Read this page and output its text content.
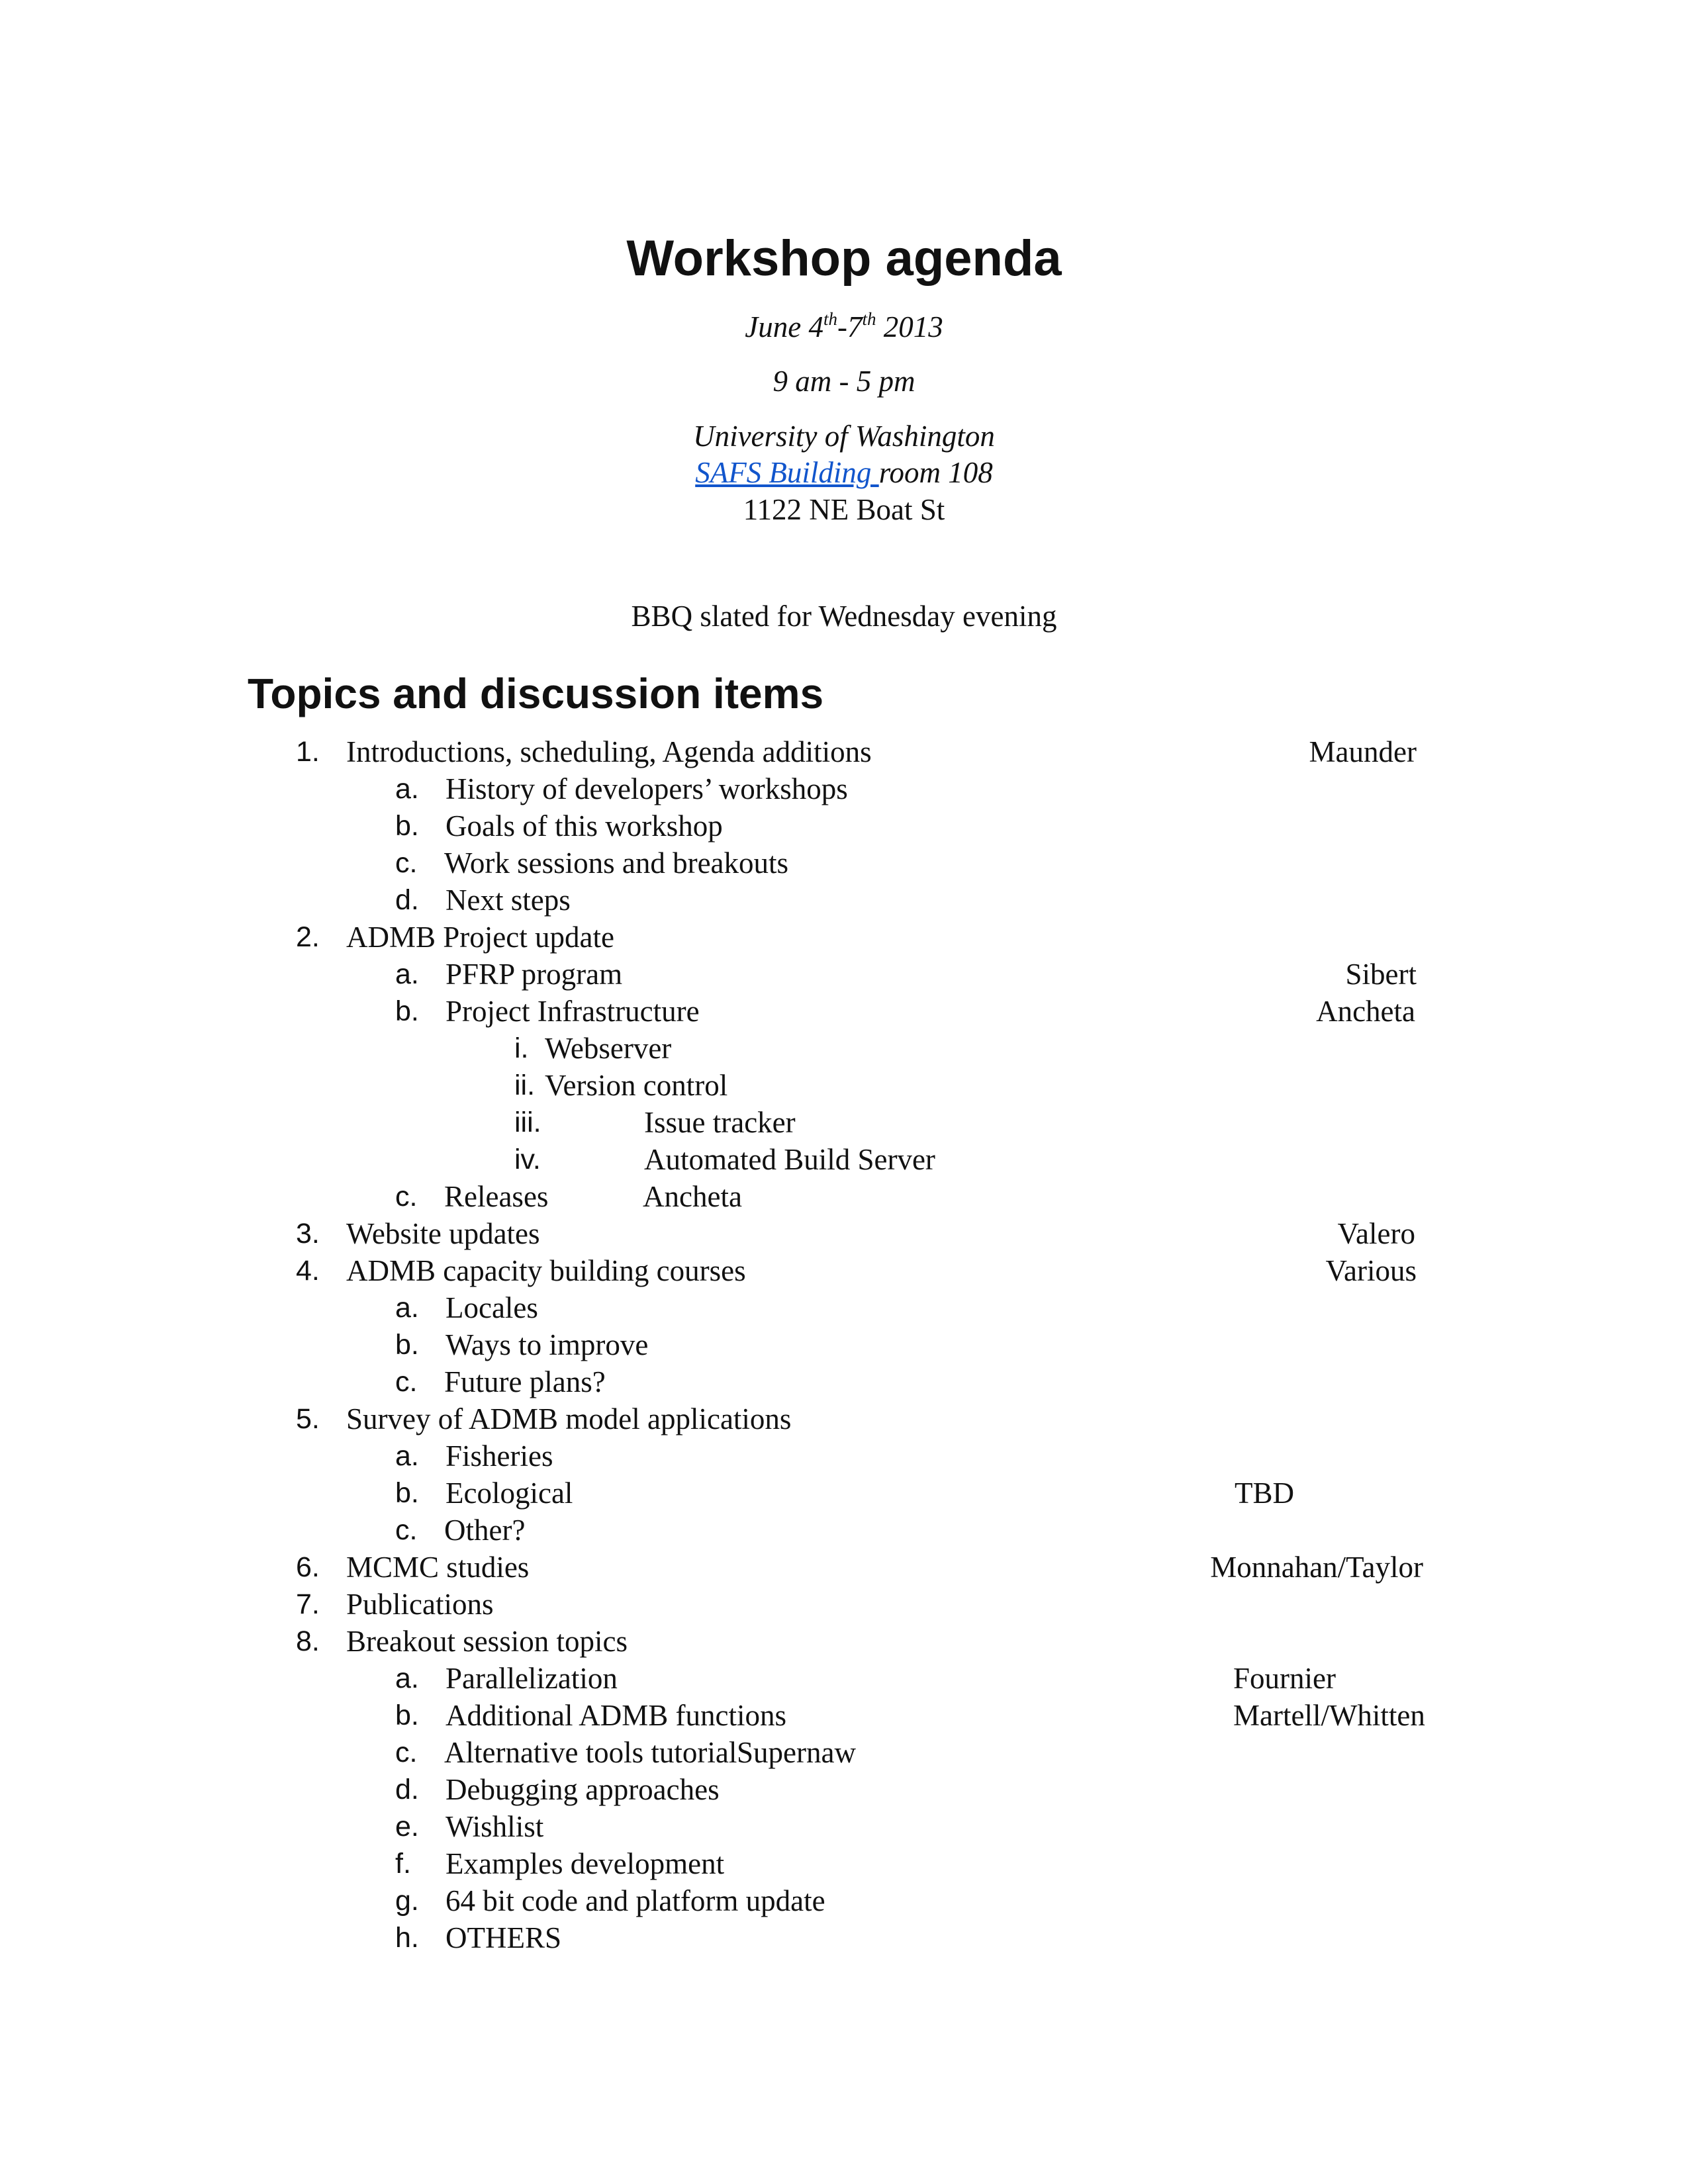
Workshop agenda
June 4th-7th 2013
9 am - 5 pm
University of Washington
SAFS Building room 108
1122 NE Boat St
BBQ slated for Wednesday evening
Topics and discussion items
1. Introductions, scheduling, Agenda additions	Maunder
a. History of developers’ workshops
b. Goals of this workshop
c. Work sessions and breakouts
d. Next steps
2. ADMB Project update
a. PFRP program	Sibert
b. Project Infrastructure	Ancheta
i. Webserver
ii. Version control
iii.	Issue tracker
iv.	Automated Build Server
c. Releases	Ancheta
3. Website updates	Valero
4. ADMB capacity building courses	Various
a. Locales
b. Ways to improve
c. Future plans?
5. Survey of ADMB model applications
a. Fisheries
b. Ecological	TBD
c. Other?
6. MCMC studies	Monnahan/Taylor
7. Publications
8. Breakout session topics
a. Parallelization	Fournier
b. Additional ADMB functions	Martell/Whitten
c. Alternative tools tutorial Supernaw
d. Debugging approaches
e. Wishlist
f. Examples development
g. 64 bit code and platform update
h. OTHERS
